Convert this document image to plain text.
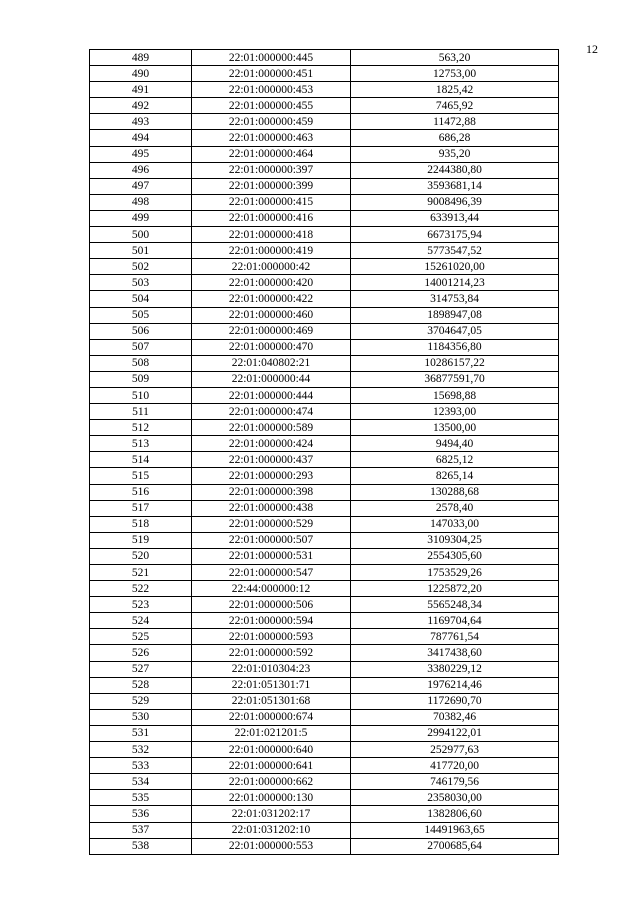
12
489	22:01:000000:445	563,20
490	22:01:000000:451	12753,00
491	22:01:000000:453	1825,42
492	22:01:000000:455	7465,92
493	22:01:000000:459	11472,88
494	22:01:000000:463	686,28
495	22:01:000000:464	935,20
496	22:01:000000:397	2244380,80
497	22:01:000000:399	3593681,14
498	22:01:000000:415	9008496,39
499	22:01:000000:416	633913,44
500	22:01:000000:418	6673175,94
501	22:01:000000:419	5773547,52
502	22:01:000000:42	15261020,00
503	22:01:000000:420	14001214,23
504	22:01:000000:422	314753,84
505	22:01:000000:460	1898947,08
506	22:01:000000:469	3704647,05
507	22:01:000000:470	1184356,80
508	22:01:040802:21	10286157,22
509	22:01:000000:44	36877591,70
510	22:01:000000:444	15698,88
511	22:01:000000:474	12393,00
512	22:01:000000:589	13500,00
513	22:01:000000:424	9494,40
514	22:01:000000:437	6825,12
515	22:01:000000:293	8265,14
516	22:01:000000:398	130288,68
517	22:01:000000:438	2578,40
518	22:01:000000:529	147033,00
519	22:01:000000:507	3109304,25
520	22:01:000000:531	2554305,60
521	22:01:000000:547	1753529,26
522	22:44:000000:12	1225872,20
523	22:01:000000:506	5565248,34
524	22:01:000000:594	1169704,64
525	22:01:000000:593	787761,54
526	22:01:000000:592	3417438,60
527	22:01:010304:23	3380229,12
528	22:01:051301:71	1976214,46
529	22:01:051301:68	1172690,70
530	22:01:000000:674	70382,46
531	22:01:021201:5	2994122,01
532	22:01:000000:640	252977,63
533	22:01:000000:641	417720,00
534	22:01:000000:662	746179,56
535	22:01:000000:130	2358030,00
536	22:01:031202:17	1382806,60
537	22:01:031202:10	14491963,65
538	22:01:000000:553	2700685,64
